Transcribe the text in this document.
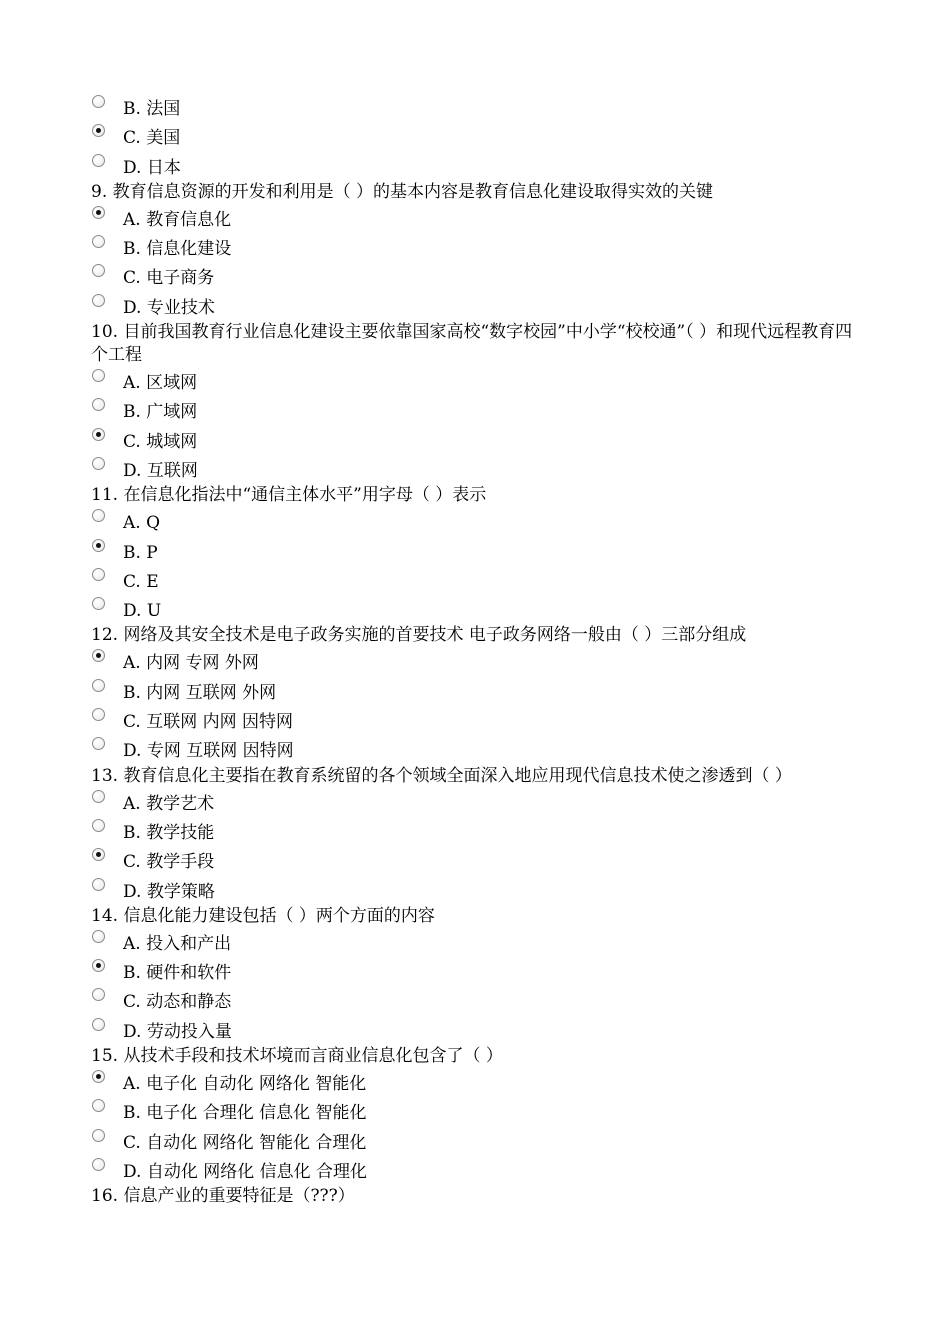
B. 法国
C. 美国
D. 日本

9. 教育信息资源的开发和利用是（ ）的基本内容是教育信息化建设取得实效的关键

A. 教育信息化
B. 信息化建设
C. 电子商务
D. 专业技术

10. 目前我国教育行业信息化建设主要依靠国家高校“数字校园”中小学“校校通”（ ）和现代远程教育四个工程

A. 区域网
B. 广域网
C. 城域网
D. 互联网

11. 在信息化指法中“通信主体水平”用字母（ ）表示

A. Q
B. P
C. E
D. U

12. 网络及其安全技术是电子政务实施的首要技术 电子政务网络一般由（ ）三部分组成

A. 内网 专网 外网
B. 内网 互联网 外网
C. 互联网 内网 因特网
D. 专网 互联网 因特网

13. 教育信息化主要指在教育系统留的各个领域全面深入地应用现代信息技术使之渗透到（ ）

A. 教学艺术
B. 教学技能
C. 教学手段
D. 教学策略

14. 信息化能力建设包括（ ）两个方面的内容

A. 投入和产出
B. 硬件和软件
C. 动态和静态
D. 劳动投入量

15. 从技术手段和技术坏境而言商业信息化包含了（ ）

A. 电子化 自动化 网络化 智能化
B. 电子化 合理化 信息化 智能化
C. 自动化 网络化 智能化 合理化
D. 自动化 网络化 信息化 合理化

16. 信息产业的重要特征是（???）
